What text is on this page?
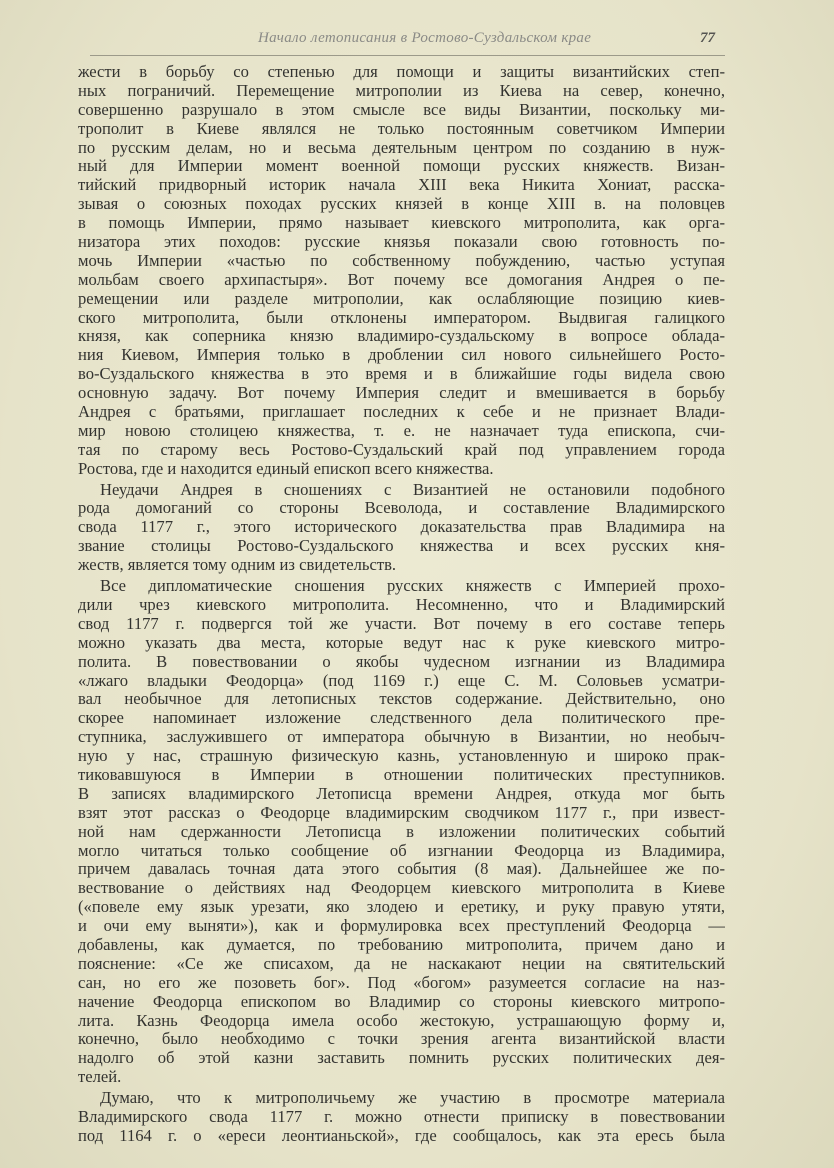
Начало летописания в Ростово-Суздальском крае	77
жести в борьбу со степенью для помощи и защиты византийских степ-
ных пограничий. Перемещение митрополии из Киева на север, конечно,
совершенно разрушало в этом смысле все виды Византии, поскольку ми-
трополит в Киеве являлся не только постоянным советчиком Империи
по русским делам, но и весьма деятельным центром по созданию в нуж-
ный для Империи момент военной помощи русских княжеств. Визан-
тийский придворный историк начала XIII века Никита Хониат, расска-
зывая о союзных походах русских князей в конце XIII в. на половцев
в помощь Империи, прямо называет киевского митрополита, как орга-
низатора этих походов: русские князья показали свою готовность по-
мочь Империи «частью по собственному побуждению, частью уступая
мольбам своего архипастыря». Вот почему все домогания Андрея о пе-
ремещении или разделе митрополии, как ослабляющие позицию киев-
ского митрополита, были отклонены императором. Выдвигая галицкого
князя, как соперника князю владимиро-суздальскому в вопросе облада-
ния Киевом, Империя только в дроблении сил нового сильнейшего Росто-
во-Суздальского княжества в это время и в ближайшие годы видела свою
основную задачу. Вот почему Империя следит и вмешивается в борьбу
Андрея с братьями, приглашает последних к себе и не признает Влади-
мир новою столицею княжества, т. е. не назначает туда епископа, счи-
тая по старому весь Ростово-Суздальский край под управлением города
Ростова, где и находится единый епископ всего княжества.
Неудачи Андрея в сношениях с Византией не остановили подобного
рода домоганий со стороны Всеволода, и составление Владимирского
свода 1177 г., этого исторического доказательства прав Владимира на
звание столицы Ростово-Суздальского княжества и всех русских кня-
жеств, является тому одним из свидетельств.
Все дипломатические сношения русских княжеств с Империей прохо-
дили чрез киевского митрополита. Несомненно, что и Владимирский
свод 1177 г. подвергся той же участи. Вот почему в его составе теперь
можно указать два места, которые ведут нас к руке киевского митро-
полита. В повествовании о якобы чудесном изгнании из Владимира
«лжаго владыки Феодорца» (под 1169 г.) еще С. М. Соловьев усматри-
вал необычное для летописных текстов содержание. Действительно, оно
скорее напоминает изложение следственного дела политического пре-
ступника, заслужившего от императора обычную в Византии, но необыч-
ную у нас, страшную физическую казнь, установленную и широко прак-
тиковавшуюся в Империи в отношении политических преступников.
В записях владимирского Летописца времени Андрея, откуда мог быть
взят этот рассказ о Феодорце владимирским сводчиком 1177 г., при извест-
ной нам сдержанности Летописца в изложении политических событий
могло читаться только сообщение об изгнании Феодорца из Владимира,
причем давалась точная дата этого события (8 мая). Дальнейшее же по-
вествование о действиях над Феодорцем киевского митрополита в Киеве
(«повеле ему язык урезати, яко злодею и еретику, и руку правую утяти,
и очи ему выняти»), как и формулировка всех преступлений Феодорца —
добавлены, как думается, по требованию митрополита, причем дано и
пояснение: «Се же списахом, да не наскакают неции на святительский
сан, но его же позоветь бог». Под «богом» разумеется согласие на наз-
начение Феодорца епископом во Владимир со стороны киевского митропо-
лита. Казнь Феодорца имела особо жестокую, устрашающую форму и,
конечно, было необходимо с точки зрения агента византийской власти
надолго об этой казни заставить помнить русских политических дея-
телей.
Думаю, что к митрополичьему же участию в просмотре материала
Владимирского свода 1177 г. можно отнести приписку в повествовании
под 1164 г. о «ереси леонтианьской», где сообщалось, как эта ересь была
